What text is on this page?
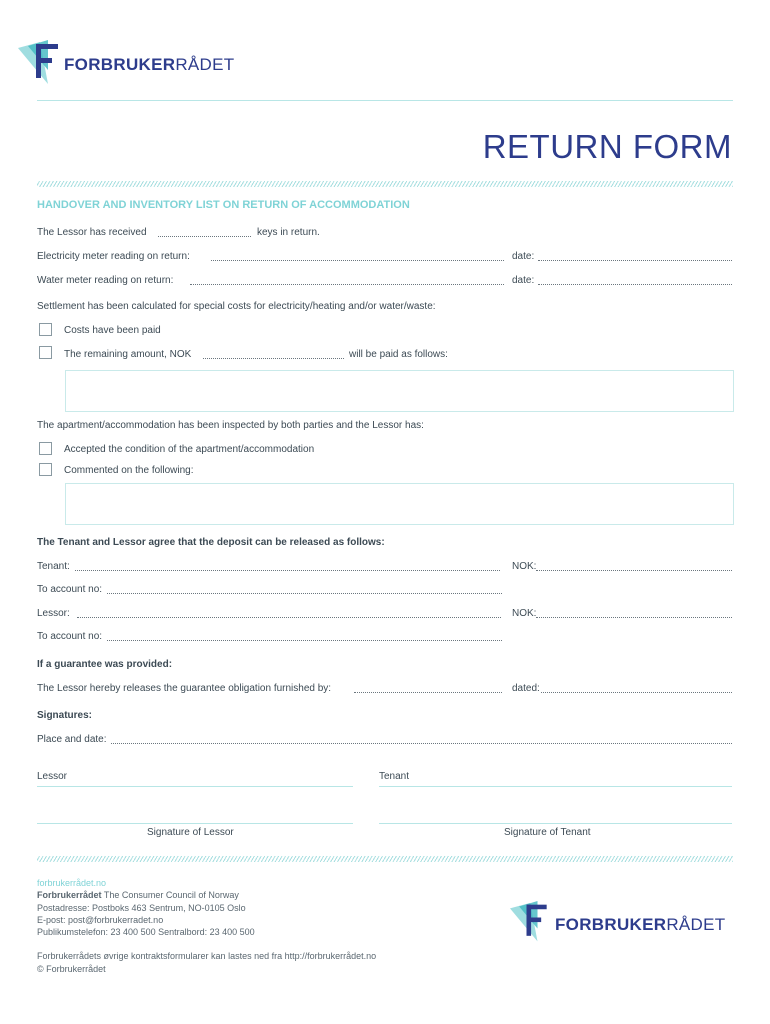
FORBRUKERRÅDET
RETURN FORM
HANDOVER AND INVENTORY LIST ON RETURN OF ACCOMMODATION
The Lessor has received	keys in return.
Electricity meter reading on return:	date:
Water meter reading on return:	date:
Settlement has been calculated for special costs for electricity/heating and/or water/waste:
Costs have been paid
The remaining amount, NOK	will be paid as follows:
The apartment/accommodation has been inspected by both parties and the Lessor has:
Accepted the condition of the apartment/accommodation
Commented on the following:
The Tenant and Lessor agree that the deposit can be released as follows:
Tenant:	NOK:
To account no:
Lessor:	NOK:
To account no:
If a guarantee was provided:
The Lessor hereby releases the guarantee obligation furnished by:	dated:
Signatures:
Place and date:
Lessor	Tenant
Signature of Lessor	Signature of Tenant
forbrukerrådet.no
Forbrukerrådet The Consumer Council of Norway
Postadresse: Postboks 463 Sentrum, NO-0105 Oslo
E-post: post@forbrukerradet.no
Publikumstelefon: 23 400 500 Sentralbord: 23 400 500
Forbrukerrådets øvrige kontraktsformularer kan lastes ned fra http://forbrukerrådet.no
© Forbrukerrådet
FORBRUKERRÅDET
